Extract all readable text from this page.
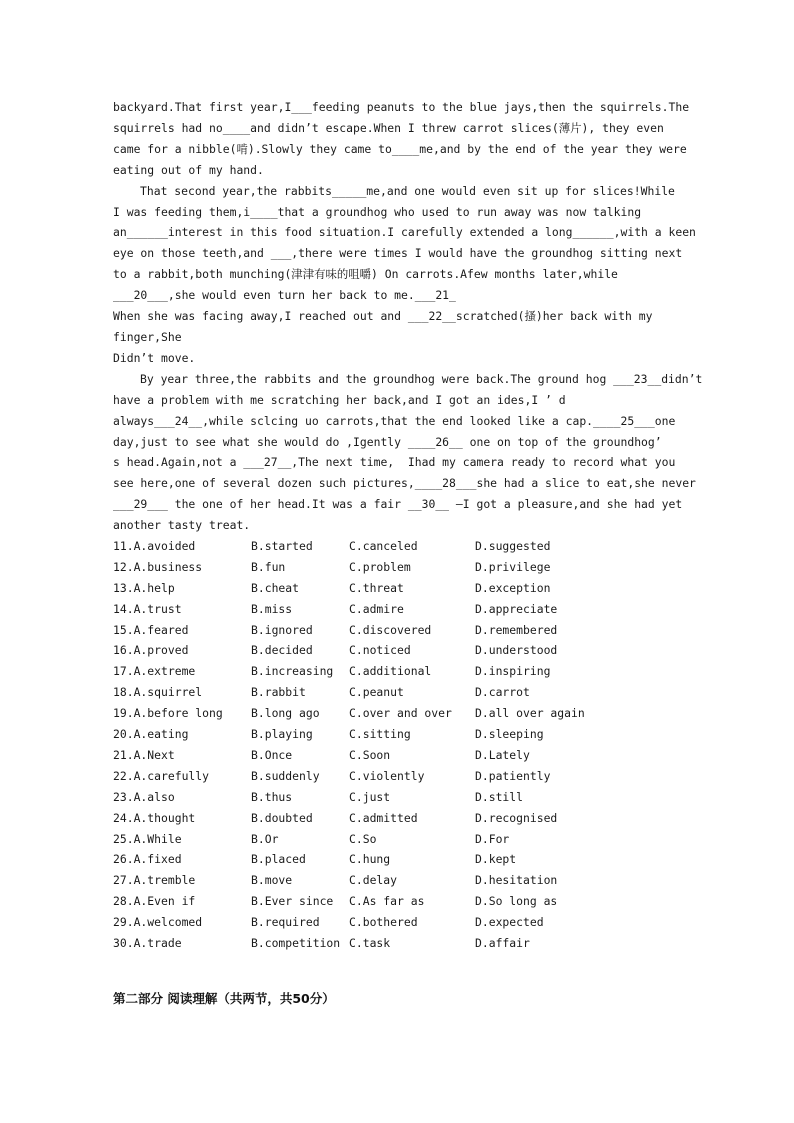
backyard.That first year,I___feeding peanuts to the blue jays,then the squirrels.The
squirrels had no____and didn’t escape.When I threw carrot slices(薄片), they even
came for a nibble(啃).Slowly they came to____me,and by the end of the year they were
eating out of my hand.
That second year,the rabbits_____me,and one would even sit up for slices!While
I was feeding them,i____that a groundhog who used to run away was now talking
an______interest in this food situation.I carefully extended a long______,with a keen
eye on those teeth,and ___,there were times I would have the groundhog sitting next
to a rabbit,both munching(津津有味的咀嚼) On carrots.Afew months later,while
___20___,she would even turn her back to me.___21_
When she was facing away,I reached out and ___22__scratched(搔)her back with my
finger,She
Didn’t move.
By year three,the rabbits and the groundhog were back.The ground hog ___23__didn’t
have a problem with me scratching her back,and I got an ides,I ’ d
always___24__,while sclcing uo carrots,that the end looked like a cap.____25___one
day,just to see what she would do ,Igently ____26__ one on top of the groundhog’
s head.Again,not a ___27__,The next time,  Ihad my camera ready to record what you
see here,one of several dozen such pictures,____28___she had a slice to eat,she never
___29___ the one of her head.It was a fair __30__ —I got a pleasure,and she had yet
another tasty treat.
11.A.avoided	B.started	C.canceled	D.suggested
12.A.business	B.fun	C.problem	D.privilege
13.A.help	B.cheat	C.threat	D.exception
14.A.trust	B.miss	C.admire	D.appreciate
15.A.feared	B.ignored	C.discovered	D.remembered
16.A.proved	B.decided	C.noticed	D.understood
17.A.extreme	B.increasing C.additional	D.inspiring
18.A.squirrel	B.rabbit	C.peanut	D.carrot
19.A.before long B.long ago	C.over and over D.all over again
20.A.eating	B.playing	C.sitting	D.sleeping
21.A.Next	B.Once	C.Soon	D.Lately
22.A.carefully	B.suddenly	C.violently	D.patiently
23.A.also	B.thus	C.just	D.still
24.A.thought	B.doubted	C.admitted	D.recognised
25.A.While	B.Or	C.So	D.For
26.A.fixed	B.placed	C.hung	D.kept
27.A.tremble	B.move	C.delay	D.hesitation
28.A.Even if	B.Ever since C.As far as	D.So long as
29.A.welcomed	B.required	C.bothered	D.expected
30.A.trade	B.competition C.task	D.affair
第二部分 阅读理解（共两节，共50分）
